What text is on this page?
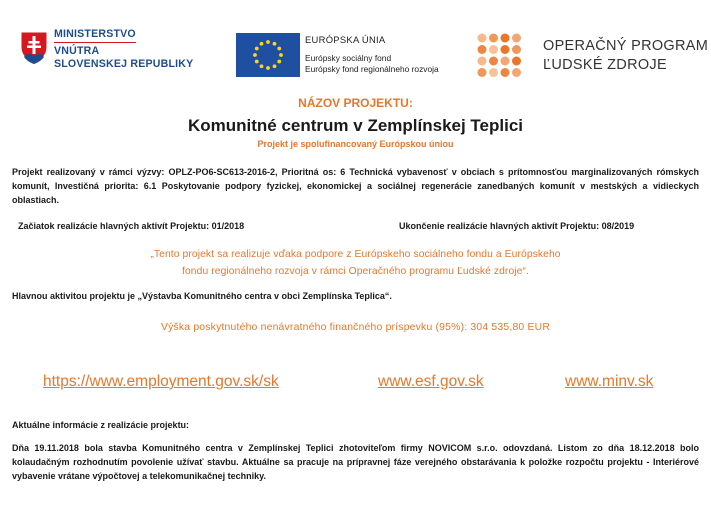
MINISTERSTVO
VNÚTRA
SLOVENSKEJ REPUBLIKY
EURÓPSKA ÚNIA
Európsky sociálny fond
Európsky fond regionálneho rozvoja
OPERAČNÝ PROGRAM
ĽUDSKÉ ZDROJE
NÁZOV PROJEKTU:
Komunitné centrum v Zemplínskej Teplici
Projekt je spolufinancovaný Európskou úniou
Projekt realizovaný v rámci výzvy: OPLZ-PO6-SC613-2016-2, Prioritná os: 6 Technická vybavenosť v obciach s prítomnosťou marginalizovaných rómskych komunít, Investičná priorita: 6.1 Poskytovanie podpory fyzickej, ekonomickej a sociálnej regenerácie zanedbaných komunít v mestských a vidieckych oblastiach.
Začiatok realizácie hlavných aktivít Projektu: 01/2018	Ukončenie realizácie hlavných aktivít Projektu: 08/2019
„Tento projekt sa realizuje vďaka podpore z Európskeho sociálneho fondu a Európskeho
fondu regionálneho rozvoja v rámci Operačného programu Ľudské zdroje“.
Hlavnou aktivitou projektu je „Výstavba Komunitného centra v obci Zemplínska Teplica“.
Výška poskytnutého nenávratného finančného príspevku (95%): 304 535,80 EUR
https://www.employment.gov.sk/sk	www.esf.gov.sk	www.minv.sk
Aktuálne informácie z realizácie projektu:
Dňa 19.11.2018 bola stavba Komunitného centra v Zemplínskej Teplici zhotoviteľom firmy NOVICOM s.r.o. odovzdaná. Listom zo dňa 18.12.2018 bolo kolaudačným rozhodnutím povolenie užívať stavbu. Aktuálne sa pracuje na prípravnej fáze verejného obstarávania k položke rozpočtu projektu - Interiérové vybavenie vrátane výpočtovej a telekomunikačnej techniky.
